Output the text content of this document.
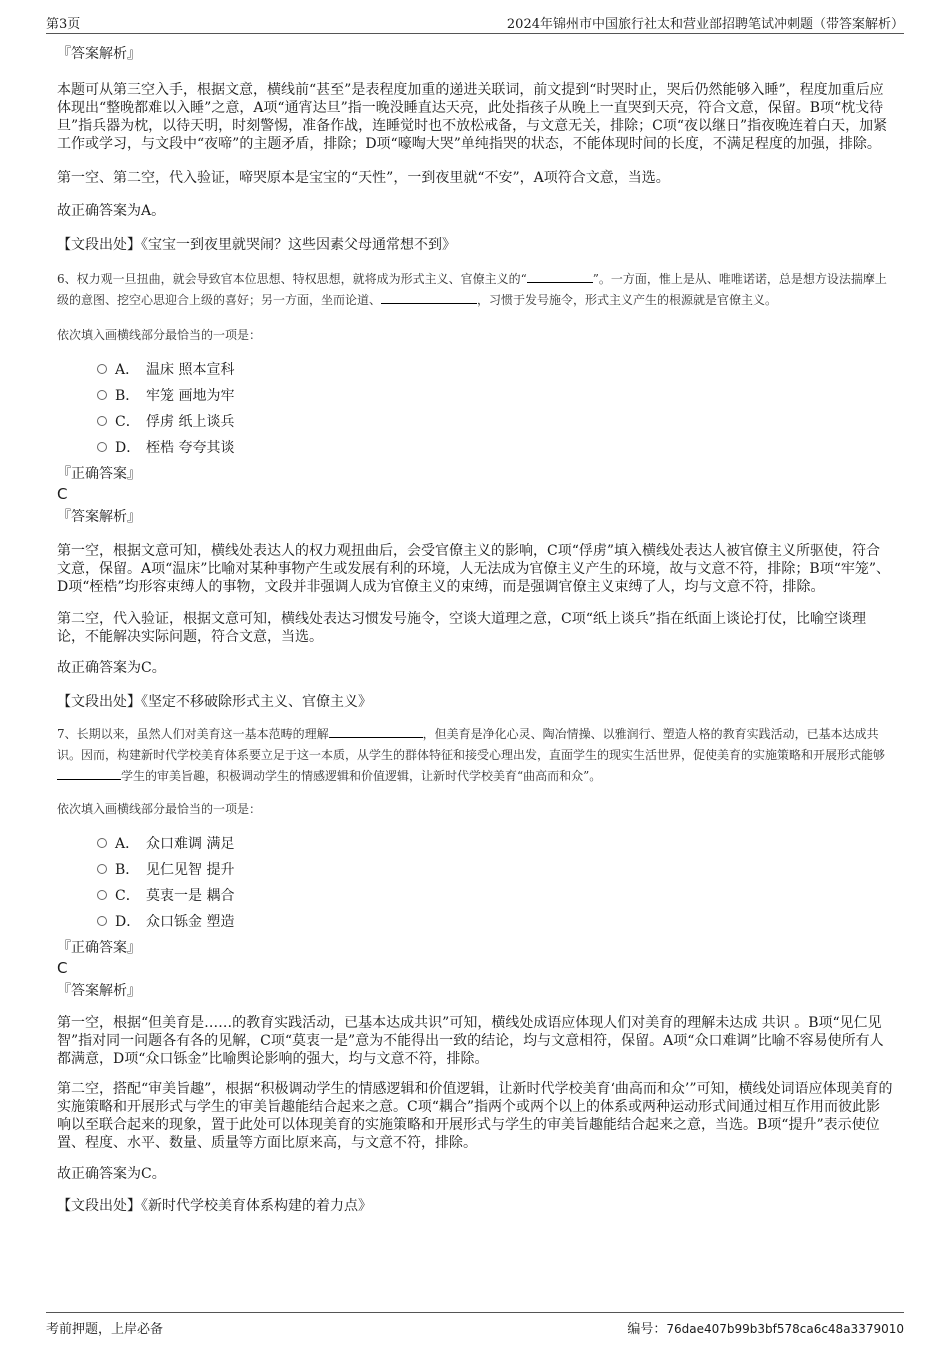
第3页	2024年锦州市中国旅行社太和营业部招聘笔试冲刺题（带答案解析）
『答案解析』

本题可从第三空入手，根据文意，横线前“甚至”是表程度加重的递进关联词，前文提到“时哭时止，哭后仍然能够入睡”，程度加重后应体现出“整晚都难以入睡”之意，A项“通宵达旦”指一晚没睡直达天亮，此处指孩子从晚上一直哭到天亮，符合文意，保留。B项“枕戈待旦”指兵器为枕，以待天明，时刻警惕，准备作战，连睡觉时也不放松戒备，与文意无关，排除；C项“夜以继日”指夜晚连着白天，加紧工作或学习，与文段中“夜啼”的主题矛盾，排除；D项“嚎啕大哭”单纯指哭的状态，不能体现时间的长度，不满足程度的加强，排除。

第一空、第二空，代入验证，啼哭原本是宝宝的“天性”，一到夜里就“不安”，A项符合文意，当选。

故正确答案为A。

【文段出处】《宝宝一到夜里就哭闹？这些因素父母通常想不到》

6、权力观一旦扭曲，就会导致官本位思想、特权思想，就将成为形式主义、官僚主义的“	”。一方面，惟上是从、唯唯诺诺，总是想方设法揣摩上级的意图、挖空心思迎合上级的喜好；另一方面，坐而论道、	，习惯于发号施令，形式主义产生的根源就是官僚主义。

依次填入画横线部分最恰当的一项是：

A． 温床 照本宣科
B． 牢笼 画地为牢
C． 俘虏 纸上谈兵
D． 桎梏 夸夸其谈
『正确答案』
C
『答案解析』

第一空，根据文意可知，横线处表达人的权力观扭曲后，会受官僚主义的影响，C项“俘虏”填入横线处表达人被官僚主义所驱使，符合文意，保留。A项“温床”比喻对某种事物产生或发展有利的环境，人无法成为官僚主义产生的环境，故与文意不符，排除；B项“牢笼”、D项“桎梏”均形容束缚人的事物，文段并非强调人成为官僚主义的束缚，而是强调官僚主义束缚了人，均与文意不符，排除。

第二空，代入验证，根据文意可知，横线处表达习惯发号施令，空谈大道理之意，C项“纸上谈兵”指在纸面上谈论打仗，比喻空谈理论，不能解决实际问题，符合文意，当选。

故正确答案为C。

【文段出处】《坚定不移破除形式主义、官僚主义》

7、长期以来，虽然人们对美育这一基本范畴的理解	，但美育是净化心灵、陶冶情操、以雅润行、塑造人格的教育实践活动，已基本达成共识。因而，构建新时代学校美育体系要立足于这一本质，从学生的群体特征和接受心理出发，直面学生的现实生活世界，促使美育的实施策略和开展形式能够学生的审美旨趣，积极调动学生的情感逻辑和价值逻辑，让新时代学校美育“曲高而和众”。

依次填入画横线部分最恰当的一项是：

A． 众口难调 满足
B． 见仁见智 提升
C． 莫衷一是 耦合
D． 众口铄金 塑造
『正确答案』
C
『答案解析』

第一空，根据“但美育是……的教育实践活动，已基本达成共识”可知，横线处成语应体现人们对美育的理解未达成 共识 。B项“见仁见智”指对同一问题各有各的见解，C项“莫衷一是”意为不能得出一致的结论，均与文意相符，保留。A项“众口难调”比喻不容易使所有人都满意，D项“众口铄金”比喻舆论影响的强大，均与文意不符，排除。

第二空，搭配“审美旨趣”，根据“积极调动学生的情感逻辑和价值逻辑，让新时代学校美育‘曲高而和众’”可知，横线处词语应体现美育的实施策略和开展形式与学生的审美旨趣能结合起来之意。C项“耦合”指两个或两个以上的体系或两种运动形式间通过相互作用而彼此影响以至联合起来的现象，置于此处可以体现美育的实施策略和开展形式与学生的审美旨趣能结合起来之意，当选。B项“提升”表示使位置、程度、水平、数量、质量等方面比原来高，与文意不符，排除。

故正确答案为C。

【文段出处】《新时代学校美育体系构建的着力点》
考前押题，上岸必备	编号：76dae407b99b3bf578ca6c48a3379010
